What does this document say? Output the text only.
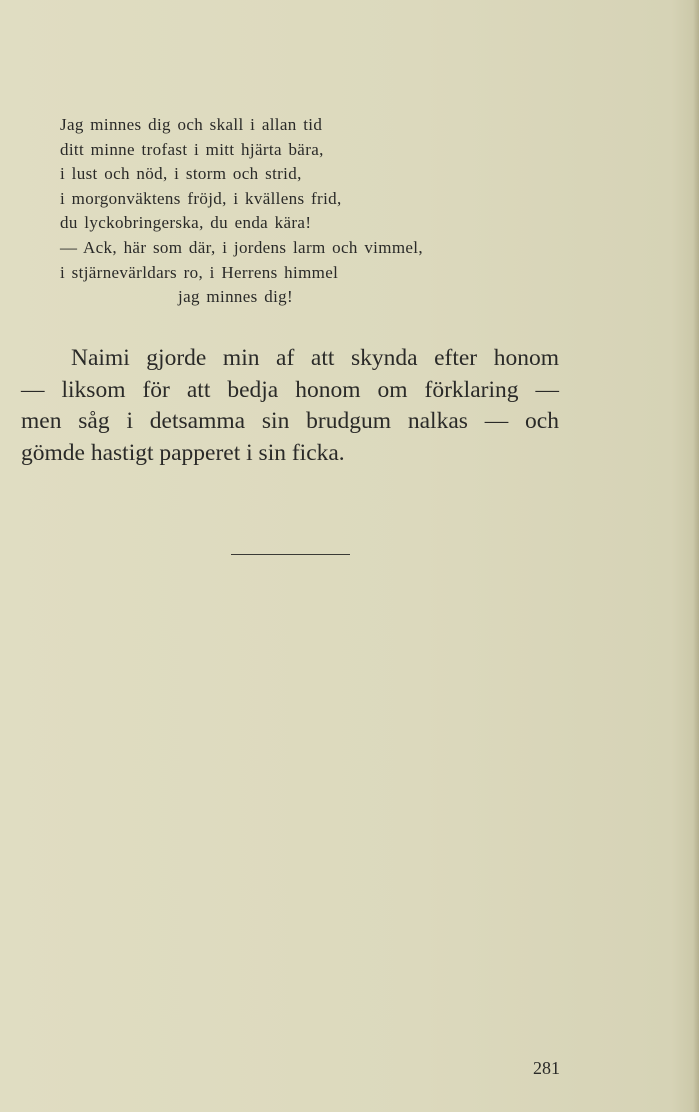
Jag minnes dig och skall i allan tid
ditt minne trofast i mitt hjärta bära,
i lust och nöd, i storm och strid,
i morgonväktens fröjd, i kvällens frid,
du lyckobringerska, du enda kära!
— Ack, här som där, i jordens larm och vimmel,
i stjärnevärldars ro, i Herrens himmel
jag minnes dig!
Naimi gjorde min af att skynda efter honom
— liksom för att bedja honom om förklaring —
men såg i detsamma sin brudgum nalkas — och
gömde hastigt papperet i sin ficka.
281
